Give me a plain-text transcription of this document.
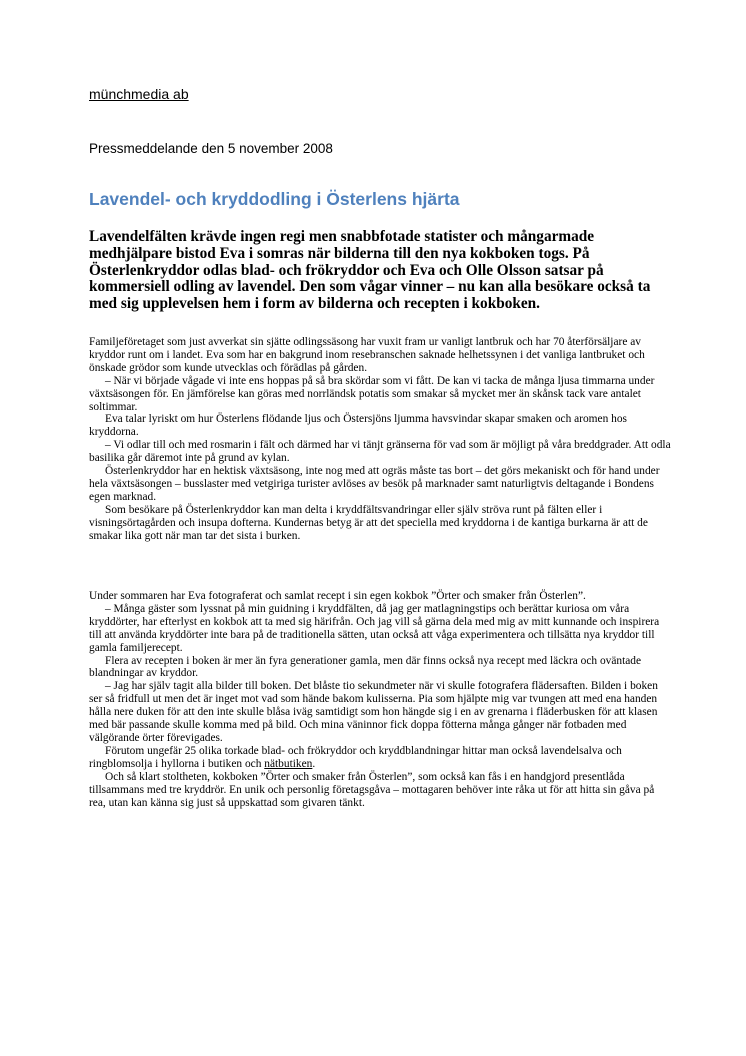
münchmedia ab

Pressmeddelande den 5 november 2008

Lavendel- och kryddodling i Österlens hjärta

Lavendelfälten krävde ingen regi men snabbfotade statister och mångarmade medhjälpare bistod Eva i somras när bilderna till den nya kokboken togs. På Österlenkryddor odlas blad- och frökryddor och Eva och Olle Olsson satsar på kommersiell odling av lavendel. Den som vågar vinner – nu kan alla besökare också ta med sig upplevelsen hem i form av bilderna och recepten i kokboken.

Familjeföretaget som just avverkat sin sjätte odlingssäsong har vuxit fram ur vanligt lantbruk och har 70 återförsäljare av kryddor runt om i landet. Eva som har en bakgrund inom resebranschen saknade helhetssynen i det vanliga lantbruket och önskade grödor som kunde utvecklas och förädlas på gården.

– När vi började vågade vi inte ens hoppas på så bra skördar som vi fått. De kan vi tacka de många ljusa timmarna under växtsäsongen för. En jämförelse kan göras med norrländsk potatis som smakar så mycket mer än skånsk tack vare antalet soltimmar.

Eva talar lyriskt om hur Österlens flödande ljus och Östersjöns ljumma havsvindar skapar smaken och aromen hos kryddorna.

– Vi odlar till och med rosmarin i fält och därmed har vi tänjt gränserna för vad som är möjligt på våra breddgrader. Att odla basilika går däremot inte på grund av kylan.

Österlenkryddor har en hektisk växtsäsong, inte nog med att ogräs måste tas bort – det görs mekaniskt och för hand under hela växtsäsongen – busslaster med vetgiriga turister avlöses av besök på marknader samt naturligtvis deltagande i Bondens egen marknad.

Som besökare på Österlenkryddor kan man delta i kryddfältsvandringar eller själv ströva runt på fälten eller i visningsörtagården och insupa dofterna. Kundernas betyg är att det speciella med kryddorna i de kantiga burkarna är att de smakar lika gott när man tar det sista i burken.

Under sommaren har Eva fotograferat och samlat recept i sin egen kokbok ”Örter och smaker från Österlen”.

– Många gäster som lyssnat på min guidning i kryddfälten, då jag ger matlagningstips och berättar kuriosa om våra kryddörter, har efterlyst en kokbok att ta med sig härifrån. Och jag vill så gärna dela med mig av mitt kunnande och inspirera till att använda kryddörter inte bara på de traditionella sätten, utan också att våga experimentera och tillsätta nya kryddor till gamla familjerecept.

Flera av recepten i boken är mer än fyra generationer gamla, men där finns också nya recept med läckra och oväntade blandningar av kryddor.

– Jag har själv tagit alla bilder till boken. Det blåste tio sekundmeter när vi skulle fotografera flädersaften. Bilden i boken ser så fridfull ut men det är inget mot vad som hände bakom kulisserna. Pia som hjälpte mig var tvungen att med ena handen hålla nere duken för att den inte skulle blåsa iväg samtidigt som hon hängde sig i en av grenarna i fläderbusken för att klasen med bär passande skulle komma med på bild. Och mina väninnor fick doppa fötterna många gånger när fotbaden med välgörande örter förevigades.

Förutom ungefär 25 olika torkade blad- och frökryddor och kryddblandningar hittar man också lavendelsalva och ringblomsolja i hyllorna i butiken och nätbutiken.

Och så klart stoltheten, kokboken ”Örter och smaker från Österlen”, som också kan fås i en handgjord presentlåda tillsammans med tre kryddrör. En unik och personlig företagsgåva – mottagaren behöver inte råka ut för att hitta sin gåva på rea, utan kan känna sig just så uppskattad som givaren tänkt.
